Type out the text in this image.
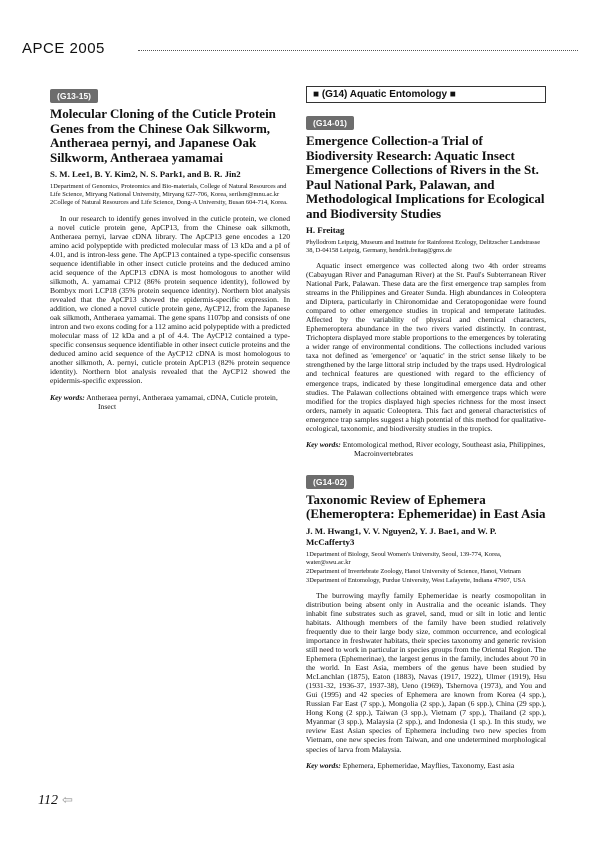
APCE 2005
(G13-15)
Molecular Cloning of the Cuticle Protein Genes from the Chinese Oak Silkworm, Antheraea pernyi, and Japanese Oak Silkworm, Antheraea yamamai
S. M. Lee1, B. Y. Kim2, N. S. Park1, and B. R. Jin2
1Department of Genomics, Proteomics and Bio-materials, College of Natural Resources and Life Science, Miryang National University, Miryang 627-706, Korea, serilsm@mnu.ac.kr
2College of Natural Resources and Life Science, Dong-A University, Busan 604-714, Korea.
In our research to identify genes involved in the cuticle protein, we cloned a novel cuticle protein gene, ApCP13, from the Chinese oak silkmoth, Antheraea pernyi, larvae cDNA library. The ApCP13 gene encodes a 120 amino acid polypeptide with predicted molecular mass of 13 kDa and a pI of 4.01, and is intron-less gene. The ApCP13 contained a type-specific consensus sequence identifiable in other insect cuticle proteins and the deduced amino acid sequence of the ApCP13 cDNA is most homologous to another wild silkmoth, A. yamamai CP12 (86% protein sequence identity), followed by Bombyx mori LCP18 (35% protein sequence identity). Northern blot analysis revealed that the ApCP13 showed the epidermis-specific expression. In addition, we cloned a novel cuticle protein gene, AyCP12, from the Japanese oak silkmoth, Antheraea yamamai. The gene spans 1107bp and consists of one intron and two exons coding for a 112 amino acid polypeptide with a predicted molecular mass of 12 kDa and a pI of 4.4. The AyCP12 contained a type-specific consensus sequence identifiable in other insect cuticle proteins and the deduced amino acid sequence of the AyCP12 cDNA is most homologous to another silkmoth, A. pernyi, cuticle protein ApCP13 (82% protein sequence identity). Northern blot analysis revealed that the AyCP12 showed the epidermis-specific expression.
Key words: Antheraea pernyi, Antheraea yamamai, cDNA, Cuticle protein, Insect
■ (G14) Aquatic Entomology ■
(G14-01)
Emergence Collection-a Trial of Biodiversity Research: Aquatic Insect Emergence Collections of Rivers in the St. Paul National Park, Palawan, and Methodological Implications for Ecological and Biodiversity Studies
H. Freitag
Phyllodrom Leipzig, Museum and Institute for Rainforest Ecology, Delitzscher Landstrasse 38, D-04158 Leipzig, Germany, hendrik.freitag@gmx.de
Aquatic insect emergence was collected along two 4th order streams (Cabayugan River and Panaguman River) at the St. Paul's Subterranean River National Park, Palawan. These data are the first emergence trap samples from streams in the Philippines and Greater Sunda. High abundances in Coleoptera and Diptera, particularly in Chironomidae and Ceratopogonidae were found compared to other emergence studies in tropical and temperate latitudes. Affected by the variability of physical and chemical characters, Ephemeroptera abundance in the two rivers varied distinctly. In contrast, Trichoptera displayed more stable proportions to the emergences by tolerating a wider range of environmental conditions. The collections included various taxa not defined as 'emergence' or 'aquatic' in the strict sense likely to be strengthened by the large littoral strip included by the traps used. Hydrological and technical features are questioned with regard to the efficiency of emergence traps, indicated by these longitudinal emergence data and other studies. The Palawan collections obtained with emergence traps which were modified for the tropics displayed high species richness for the most insect orders, namely in aquatic Coleoptera. This fact and general characteristics of emergence trap samples suggest a high potential of this method for qualitative-ecological, taxonomic, and biodiversity studies in the tropics.
Key words: Entomological method, River ecology, Southeast asia, Philippines, Macroinvertebrates
(G14-02)
Taxonomic Review of Ephemera (Ehemeroptera: Ephemeridae) in East Asia
J. M. Hwang1, V. V. Nguyen2, Y. J. Bae1, and W. P. McCafferty3
1Department of Biology, Seoul Women's University, Seoul, 139-774, Korea, water@swu.ac.kr
2Department of Invertebrate Zoology, Hanoi University of Science, Hanoi, Vietnam
3Department of Entomology, Purdue University, West Lafayette, Indiana 47907, USA
The burrowing mayfly family Ephemeridae is nearly cosmopolitan in distribution being absent only in Australia and the oceanic islands. They inhabit fine substrates such as gravel, sand, mud or silt in lotic and lentic habitats. Although members of the family have been studied relatively frequently due to their large body size, common occurrence, and ecological importance in freshwater habitats, their species taxonomy and generic revision still need to work in particular in species groups from the Oriental Region. The Ephemera (Ephemerinae), the largest genus in the family, includes about 70 in the world. In East Asia, members of the genus have been studied by McLanchlan (1875), Eaton (1883), Navas (1917, 1922), Ulmer (1919), Hsu (1931-32, 1936-37, 1937-38), Ueno (1969), Tshernova (1973), and You and Gui (1995) and 42 species of Ephemera are known from Korea (4 spp.), Russian Far East (7 spp.), Mongolia (2 spp.), Japan (6 spp.), China (29 spp.), Hong Kong (2 spp.), Taiwan (3 spp.), Vietnam (7 spp.), Thailand (2 spp.), Myanmar (3 spp.), Malaysia (2 spp.), and Indonesia (1 sp.). In this study, we review East Asian species of Ephemera including two new species from Vietnam, one new species from Taiwan, and one undetermined morphological species of larva from Malaysia.
Key words: Ephemera, Ephemeridae, Mayflies, Taxonomy, East asia
112 ⇦
